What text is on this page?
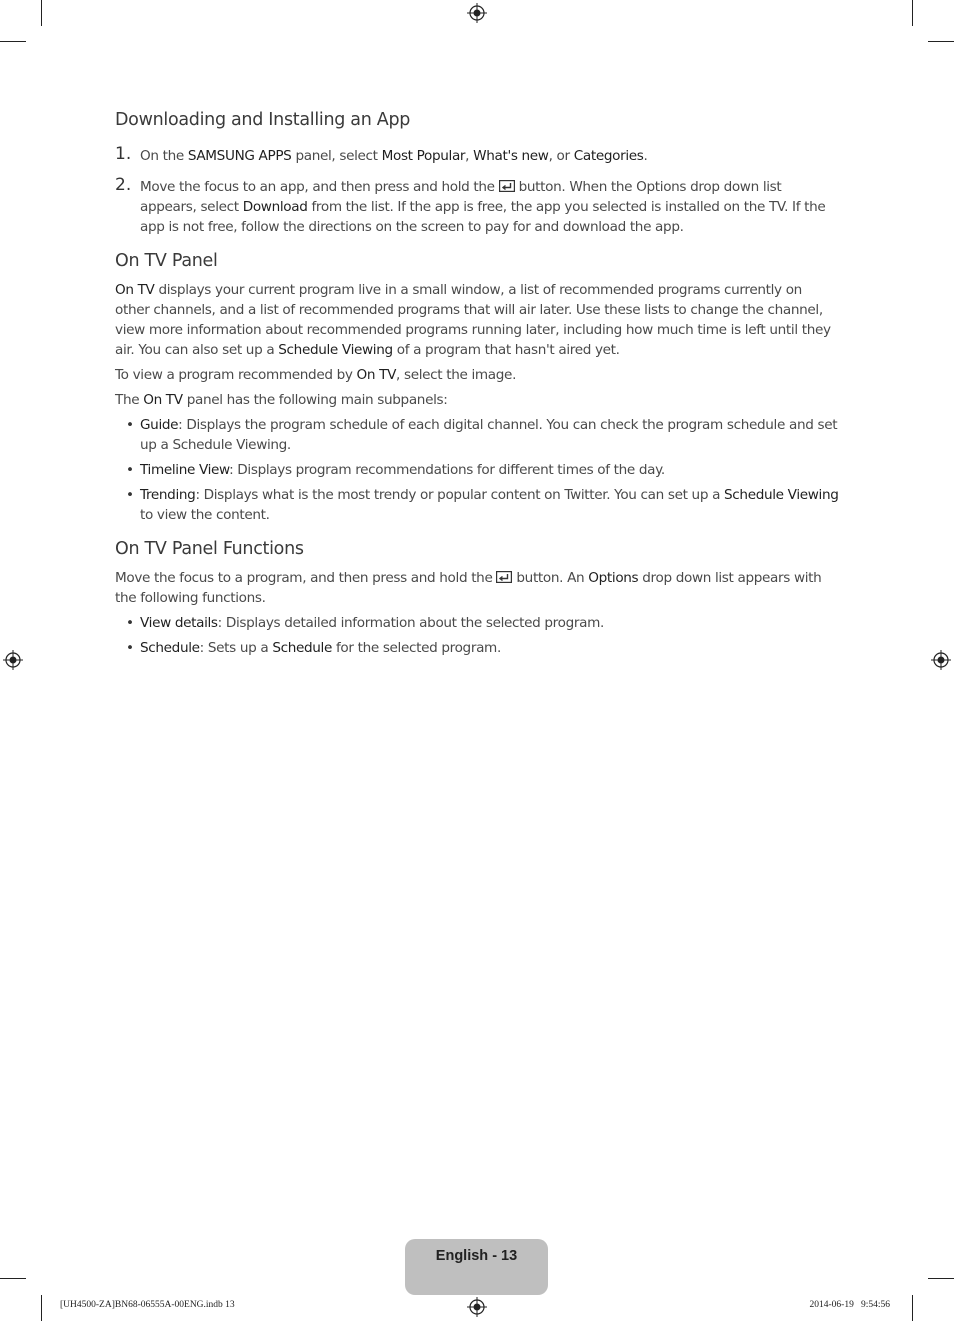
Downloading and Installing an App
1. On the SAMSUNG APPS panel, select Most Popular, What's new, or Categories.

2. Move the focus to an app, and then press and hold the  button. When the Options drop down list appears, select Download from the list. If the app is free, the app you selected is installed on the TV. If the app is not free, follow the directions on the screen to pay for and download the app.

On TV Panel

On TV displays your current program live in a small window, a list of recommended programs currently on other channels, and a list of recommended programs that will air later. Use these lists to change the channel, view more information about recommended programs running later, including how much time is left until they air. You can also set up a Schedule Viewing of a program that hasn't aired yet.

To view a program recommended by On TV, select the image.

The On TV panel has the following main subpanels:

• Guide: Displays the program schedule of each digital channel. You can check the program schedule and set up a Schedule Viewing.
• Timeline View: Displays program recommendations for different times of the day.
• Trending: Displays what is the most trendy or popular content on Twitter. You can set up a Schedule Viewing to view the content.
On TV Panel Functions

Move the focus to a program, and then press and hold the  button. An Options drop down list appears with the following functions.

• View details: Displays detailed information about the selected program.
• Schedule: Sets up a Schedule for the selected program.
English - 13
[UH4500-ZA]BN68-06555A-00ENG.indb 13	2014-06-19   9:54:56
